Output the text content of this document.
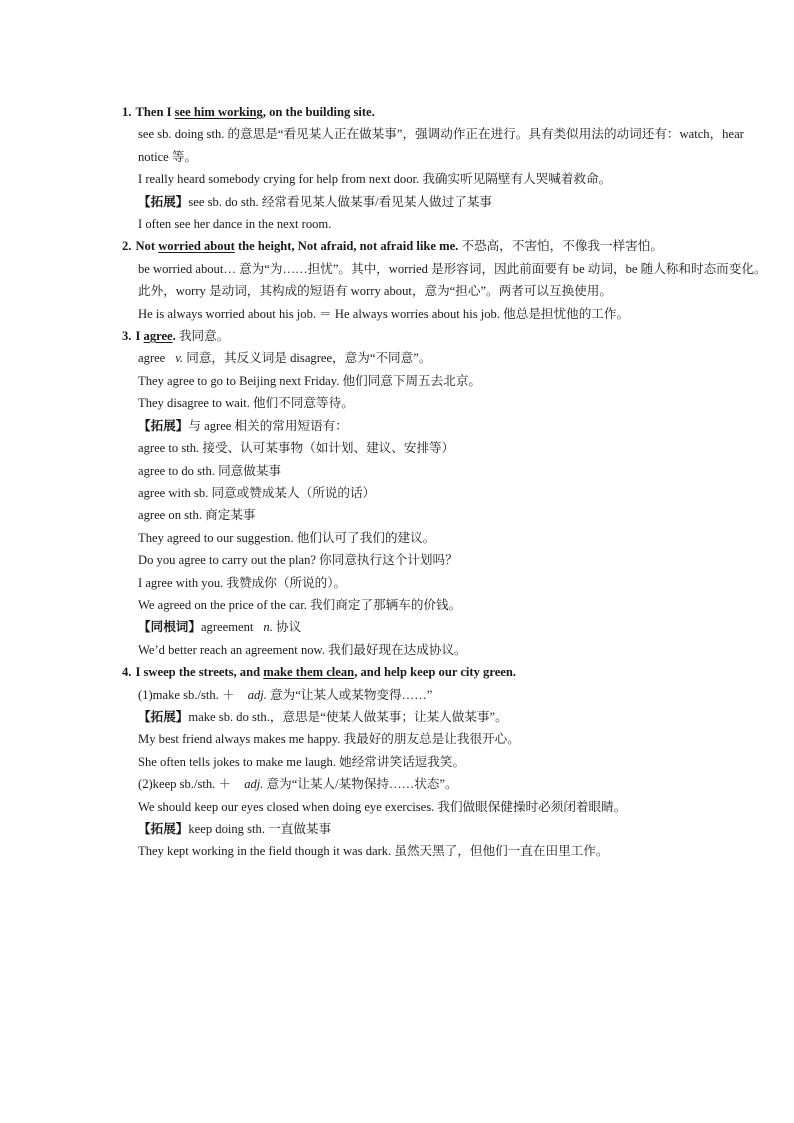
1. Then I see him working, on the building site.
see sb. doing sth. 的意思是“看见某人正在做某事”，强调动作正在进行。具有类似用法的动词还有：watch，hear
notice 等。
I really heard somebody crying for help from next door. 我确实听见隔壁有人哭喊着救命。
【拓展】see sb. do sth. 经常看见某人做某事/看见某人做过了某事
I often see her dance in the next room.
2. Not worried about the height, Not afraid, not afraid like me. 不恐高，不害怕，不像我一样害怕。
be worried about… 意为“为……担忧”。其中，worried 是形容词，因此前面要有 be 动词，be 随人称和时态而变化。
此外，worry 是动词，其构成的短语有 worry about，意为“担心”。两者可以互换使用。
He is always worried about his job. ＝ He always worries about his job. 他总是担忧他的工作。
3. I agree. 我同意。
agree v. 同意，其反义词是 disagree，意为“不同意”。
They agree to go to Beijing next Friday. 他们同意下周五去北京。
They disagree to wait. 他们不同意等待。
【拓展】与 agree 相关的常用短语有：
agree to sth. 接受、认可某事物（如计划、建议、安排等）
agree to do sth. 同意做某事
agree with sb. 同意或赞成某人（所说的话）
agree on sth. 商定某事
They agreed to our suggestion. 他们认可了我们的建议。
Do you agree to carry out the plan? 你同意执行这个计划吗？
I agree with you. 我赞成你（所说的）。
We agreed on the price of the car. 我们商定了那辆车的价钱。
【同根词】agreement n. 协议
We’d better reach an agreement now. 我们最好现在达成协议。
4. I sweep the streets, and make them clean, and help keep our city green.
(1)make sb./sth. ＋ adj. 意为“让某人或某物变得……”
【拓展】make sb. do sth.，意思是“使某人做某事；让某人做某事”。
My best friend always makes me happy. 我最好的朋友总是让我很开心。
She often tells jokes to make me laugh. 她经常讲笑话逗我笑。
(2)keep sb./sth. ＋ adj. 意为“让某人/某物保持……状态”。
We should keep our eyes closed when doing eye exercises. 我们做眼保健操时必须闭着眼睛。
【拓展】keep doing sth. 一直做某事
They kept working in the field though it was dark. 虽然天黑了，但他们一直在田里工作。
